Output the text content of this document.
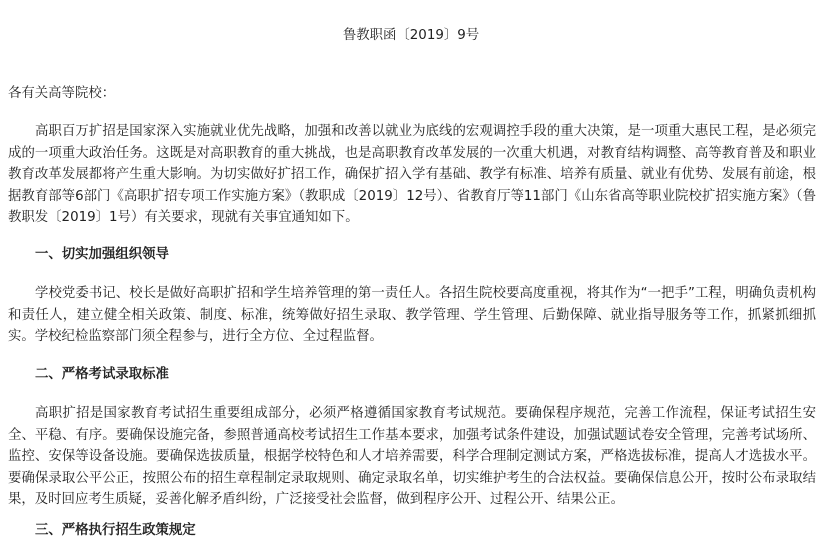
鲁教职函〔2019〕9号
各有关高等院校：

高职百万扩招是国家深入实施就业优先战略，加强和改善以就业为底线的宏观调控手段的重大决策，是一项重大惠民工程，是必须完成的一项重大政治任务。这既是对高职教育的重大挑战，也是高职教育改革发展的一次重大机遇，对教育结构调整、高等教育普及和职业教育改革发展都将产生重大影响。为切实做好扩招工作，确保扩招入学有基础、教学有标准、培养有质量、就业有优势、发展有前途，根据教育部等6部门《高职扩招专项工作实施方案》（教职成〔2019〕12号）、省教育厅等11部门《山东省高等职业院校扩招实施方案》（鲁教职发〔2019〕1号）有关要求，现就有关事宜通知如下。

一、切实加强组织领导

学校党委书记、校长是做好高职扩招和学生培养管理的第一责任人。各招生院校要高度重视，将其作为“一把手”工程，明确负责机构和责任人，建立健全相关政策、制度、标准，统筹做好招生录取、教学管理、学生管理、后勤保障、就业指导服务等工作，抓紧抓细抓实。学校纪检监察部门须全程参与，进行全方位、全过程监督。

二、严格考试录取标准

高职扩招是国家教育考试招生重要组成部分，必须严格遵循国家教育考试规范。要确保程序规范，完善工作流程，保证考试招生安全、平稳、有序。要确保设施完备，参照普通高校考试招生工作基本要求，加强考试条件建设，加强试题试卷安全管理，完善考试场所、监控、安保等设备设施。要确保选拔质量，根据学校特色和人才培养需要，科学合理制定测试方案，严格选拔标准，提高人才选拔水平。要确保录取公平公正，按照公布的招生章程制定录取规则、确定录取名单，切实维护考生的合法权益。要确保信息公开，按时公布录取结果，及时回应考生质疑，妥善化解矛盾纠纷，广泛接受社会监督，做到程序公开、过程公开、结果公正。

三、严格执行招生政策规定
